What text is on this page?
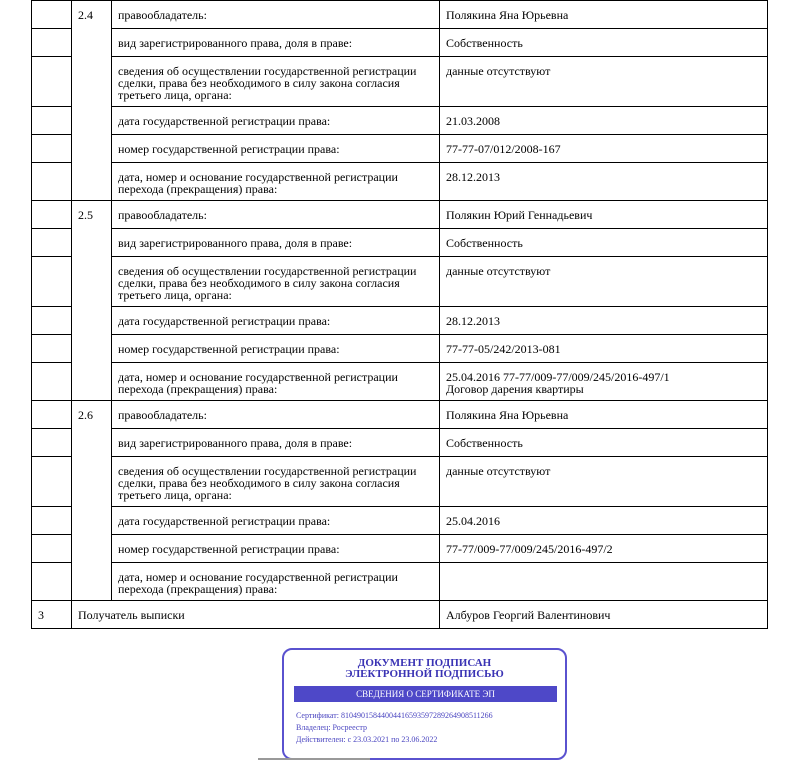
	2.4	правообладатель:	Полякина Яна Юрьевна
		вид зарегистрированного права, доля в праве:	Собственность
		сведения об осуществлении государственной регистрации сделки, права без необходимого в силу закона согласия третьего лица, органа:	данные отсутствуют
		дата государственной регистрации права:	21.03.2008
		номер государственной регистрации права:	77-77-07/012/2008-167
		дата, номер и основание государственной регистрации перехода (прекращения) права:	28.12.2013
	2.5	правообладатель:	Полякин Юрий Геннадьевич
		вид зарегистрированного права, доля в праве:	Собственность
		сведения об осуществлении государственной регистрации сделки, права без необходимого в силу закона согласия третьего лица, органа:	данные отсутствуют
		дата государственной регистрации права:	28.12.2013
		номер государственной регистрации права:	77-77-05/242/2013-081
		дата, номер и основание государственной регистрации перехода (прекращения) права:	25.04.2016 77-77/009-77/009/245/2016-497/1
Договор дарения квартиры
	2.6	правообладатель:	Полякина Яна Юрьевна
		вид зарегистрированного права, доля в праве:	Собственность
		сведения об осуществлении государственной регистрации сделки, права без необходимого в силу закона согласия третьего лица, органа:	данные отсутствуют
		дата государственной регистрации права:	25.04.2016
		номер государственной регистрации права:	77-77/009-77/009/245/2016-497/2
		дата, номер и основание государственной регистрации перехода (прекращения) права:	
3	Получатель выписки		Албуров Георгий Валентинович
ДОКУМЕНТ ПОДПИСАН
ЭЛЕКТРОННОЙ ПОДПИСЬЮ
СВЕДЕНИЯ О СЕРТИФИКАТЕ ЭП
Сертификат: 81049015844004416593597289264908511266
Владелец: Росреестр
Действителен: с 23.03.2021 по 23.06.2022
